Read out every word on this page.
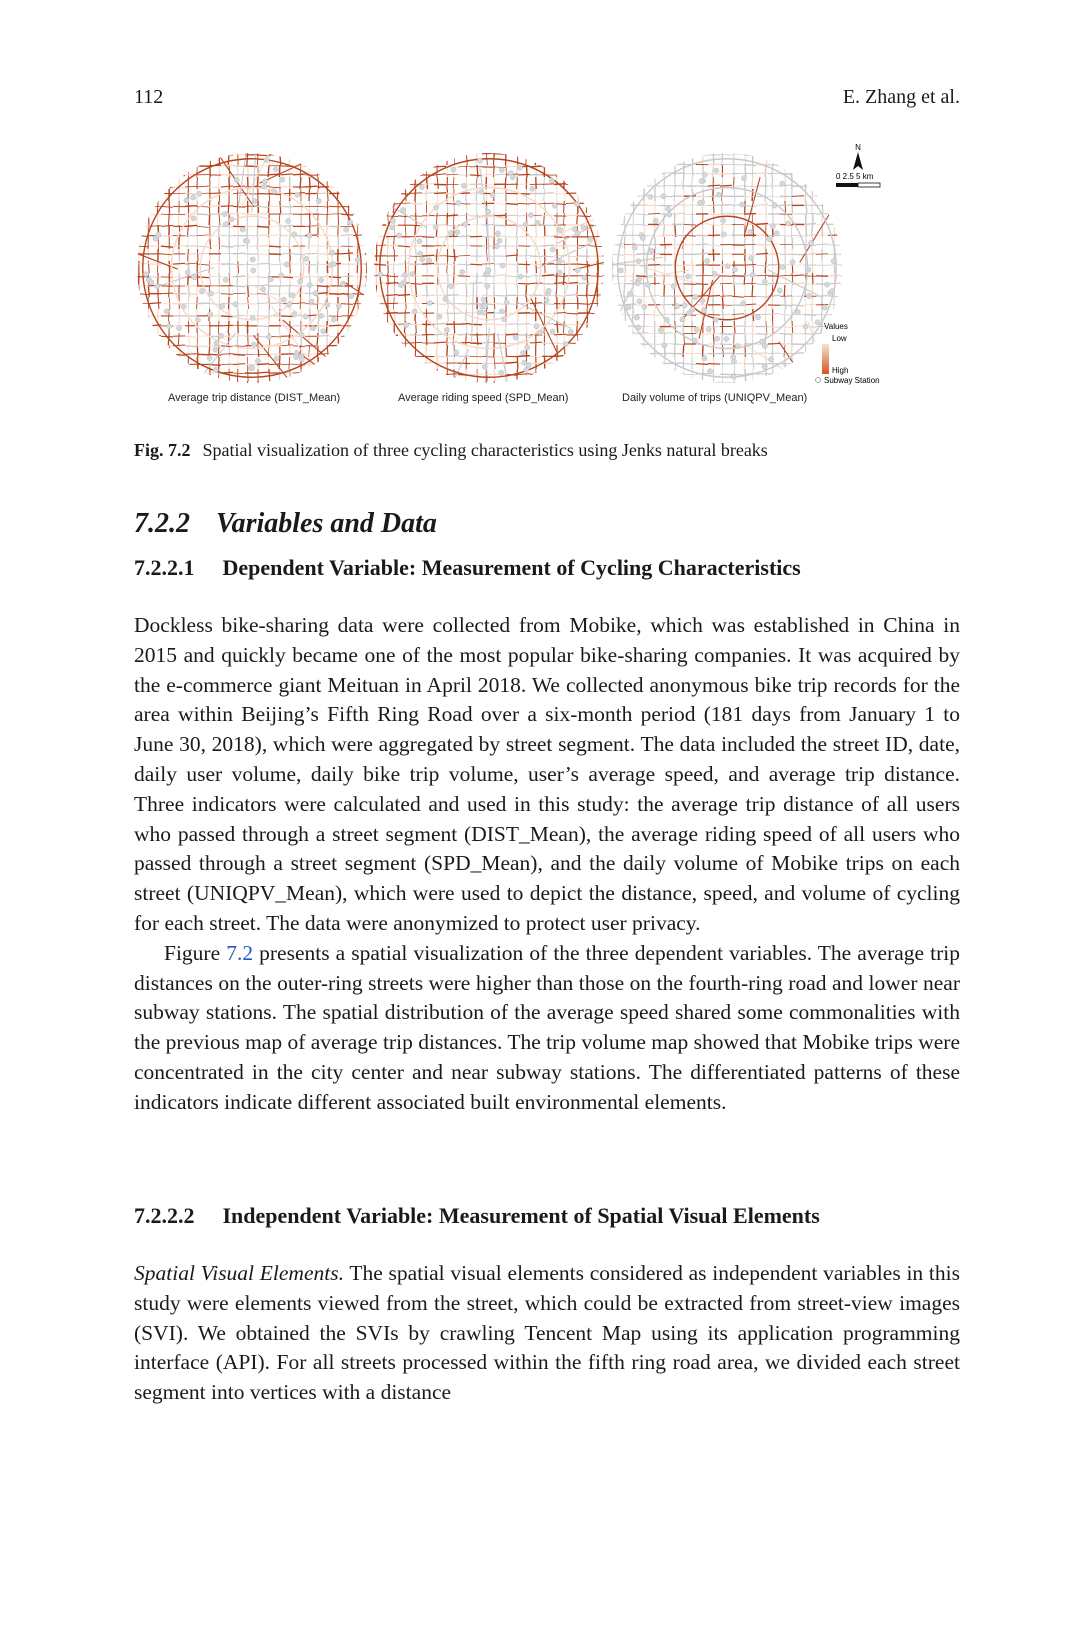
112	E. Zhang et al.
N
0 2.5 5 km
Values
Low
High
Subway Station
Average trip distance (DIST_Mean)	Average riding speed (SPD_Mean)	Daily volume of trips (UNIQPV_Mean)
Fig. 7.2 Spatial visualization of three cycling characteristics using Jenks natural breaks
7.2.2 Variables and Data
7.2.2.1 Dependent Variable: Measurement of Cycling Characteristics

Dockless bike-sharing data were collected from Mobike, which was established in China in 2015 and quickly became one of the most popular bike-sharing companies. It was acquired by the e-commerce giant Meituan in April 2018. We collected anonymous bike trip records for the area within Beijing’s Fifth Ring Road over a six-month period (181 days from January 1 to June 30, 2018), which were aggregated by street segment. The data included the street ID, date, daily user volume, daily bike trip volume, user’s average speed, and average trip distance. Three indicators were calculated and used in this study: the average trip distance of all users who passed through a street segment (DIST_Mean), the average riding speed of all users who passed through a street segment (SPD_Mean), and the daily volume of Mobike trips on each street (UNIQPV_Mean), which were used to depict the distance, speed, and volume of cycling for each street. The data were anonymized to protect user privacy.

Figure 7.2 presents a spatial visualization of the three dependent variables. The average trip distances on the outer-ring streets were higher than those on the fourth-ring road and lower near subway stations. The spatial distribution of the average speed shared some commonalities with the previous map of average trip distances. The trip volume map showed that Mobike trips were concentrated in the city center and near subway stations. The differentiated patterns of these indicators indicate different associated built environmental elements.

7.2.2.2 Independent Variable: Measurement of Spatial Visual Elements

Spatial Visual Elements. The spatial visual elements considered as independent variables in this study were elements viewed from the street, which could be extracted from street-view images (SVI). We obtained the SVIs by crawling Tencent Map using its application programming interface (API). For all streets processed within the fifth ring road area, we divided each street segment into vertices with a distance
